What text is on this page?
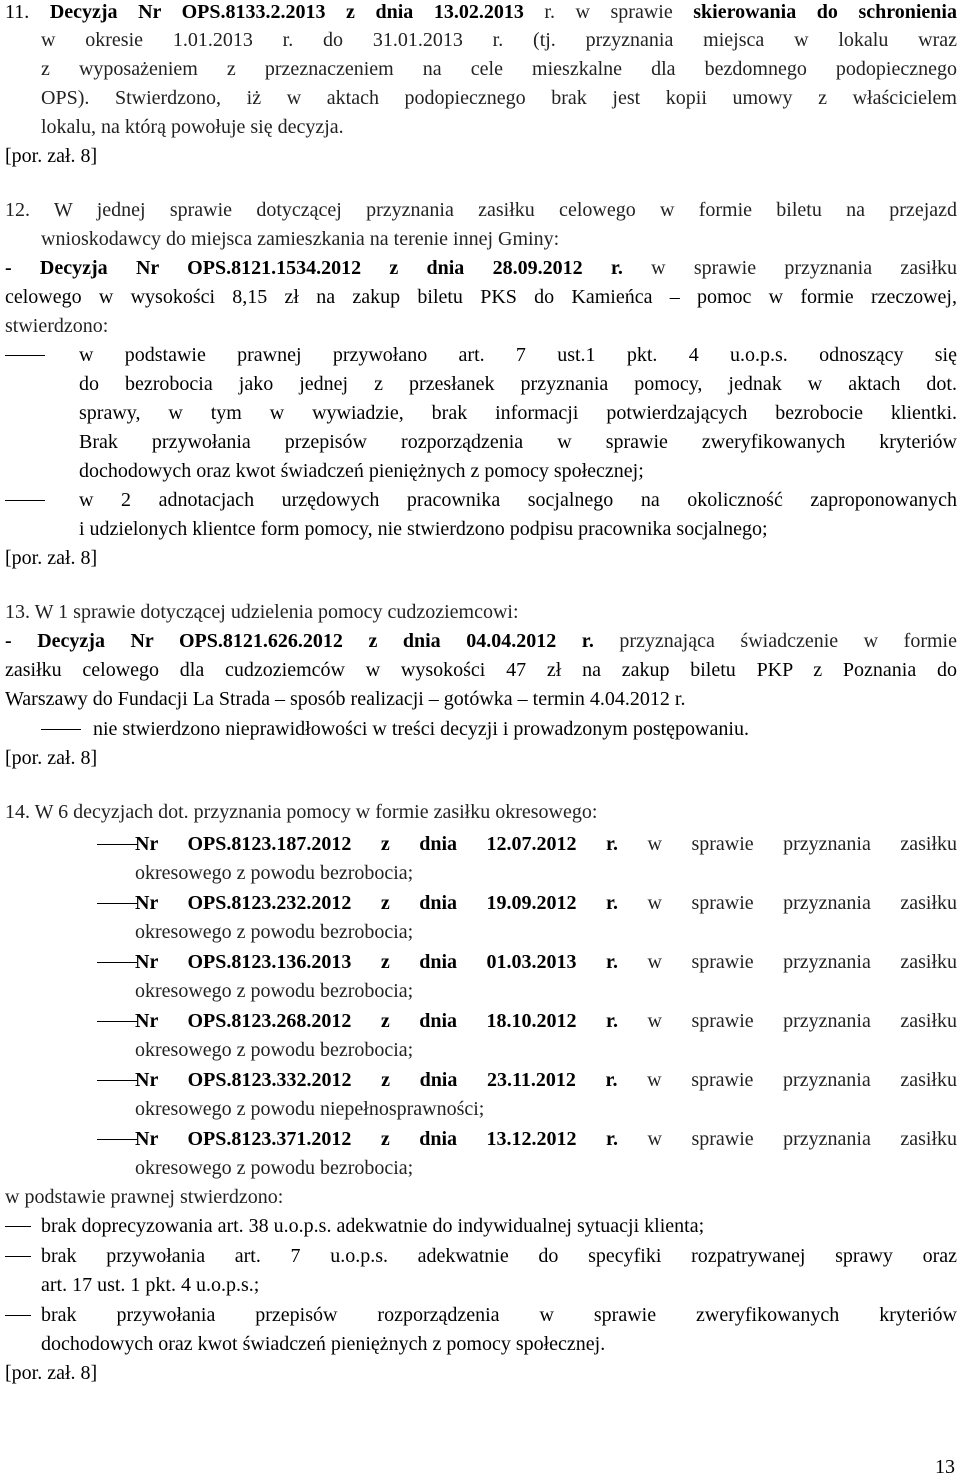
11. Decyzja Nr OPS.8133.2.2013 z dnia 13.02.2013 r. w sprawie skierowania do schronienia
w okresie 1.01.2013 r. do 31.01.2013 r. (tj. przyznania miejsca w lokalu wraz
z wyposażeniem z przeznaczeniem na cele mieszkalne dla bezdomnego podopiecznego
OPS). Stwierdzono, iż w aktach podopiecznego brak jest kopii umowy z właścicielem
lokalu, na którą powołuje się decyzja.
[por. zał. 8]
12. W jednej sprawie dotyczącej przyznania zasiłku celowego w formie biletu na przejazd
wnioskodawcy do miejsca zamieszkania na terenie innej Gminy:
- Decyzja Nr OPS.8121.1534.2012 z dnia 28.09.2012 r. w sprawie przyznania zasiłku
celowego w wysokości 8,15 zł na zakup biletu PKS do Kamieńca – pomoc w formie rzeczowej,
stwierdzono:
w podstawie prawnej przywołano art. 7 ust.1 pkt. 4 u.o.p.s. odnoszący się
do bezrobocia jako jednej z przesłanek przyznania pomocy, jednak w aktach dot.
sprawy, w tym w wywiadzie, brak informacji potwierdzających bezrobocie klientki.
Brak przywołania przepisów rozporządzenia w sprawie zweryfikowanych kryteriów
dochodowych oraz kwot świadczeń pieniężnych z pomocy społecznej;
w 2 adnotacjach urzędowych pracownika socjalnego na okoliczność zaproponowanych
i udzielonych klientce form pomocy, nie stwierdzono podpisu pracownika socjalnego;
[por. zał. 8]
13. W 1 sprawie dotyczącej udzielenia pomocy cudzoziemcowi:
- Decyzja Nr OPS.8121.626.2012 z dnia 04.04.2012 r. przyznająca świadczenie w formie
zasiłku celowego dla cudzoziemców w wysokości 47 zł na zakup biletu PKP z Poznania do
Warszawy do Fundacji La Strada – sposób realizacji – gotówka – termin 4.04.2012 r.
nie stwierdzono nieprawidłowości w treści decyzji i prowadzonym postępowaniu.
[por. zał. 8]
14. W 6 decyzjach dot. przyznania pomocy w formie zasiłku okresowego:
Nr OPS.8123.187.2012 z dnia 12.07.2012 r. w sprawie przyznania zasiłku
okresowego z powodu bezrobocia;
Nr OPS.8123.232.2012 z dnia 19.09.2012 r. w sprawie przyznania zasiłku
okresowego z powodu bezrobocia;
Nr OPS.8123.136.2013 z dnia 01.03.2013 r. w sprawie przyznania zasiłku
okresowego z powodu bezrobocia;
Nr OPS.8123.268.2012 z dnia 18.10.2012 r. w sprawie przyznania zasiłku
okresowego z powodu bezrobocia;
Nr OPS.8123.332.2012 z dnia 23.11.2012 r. w sprawie przyznania zasiłku
okresowego z powodu niepełnosprawności;
Nr OPS.8123.371.2012 z dnia 13.12.2012 r. w sprawie przyznania zasiłku
okresowego z powodu bezrobocia;
w podstawie prawnej stwierdzono:
brak doprecyzowania art. 38 u.o.p.s. adekwatnie do indywidualnej sytuacji klienta;
brak przywołania art. 7 u.o.p.s. adekwatnie do specyfiki rozpatrywanej sprawy oraz
art. 17 ust. 1 pkt. 4 u.o.p.s.;
brak przywołania przepisów rozporządzenia w sprawie zweryfikowanych kryteriów
dochodowych oraz kwot świadczeń pieniężnych z pomocy społecznej.
[por. zał. 8]
13
